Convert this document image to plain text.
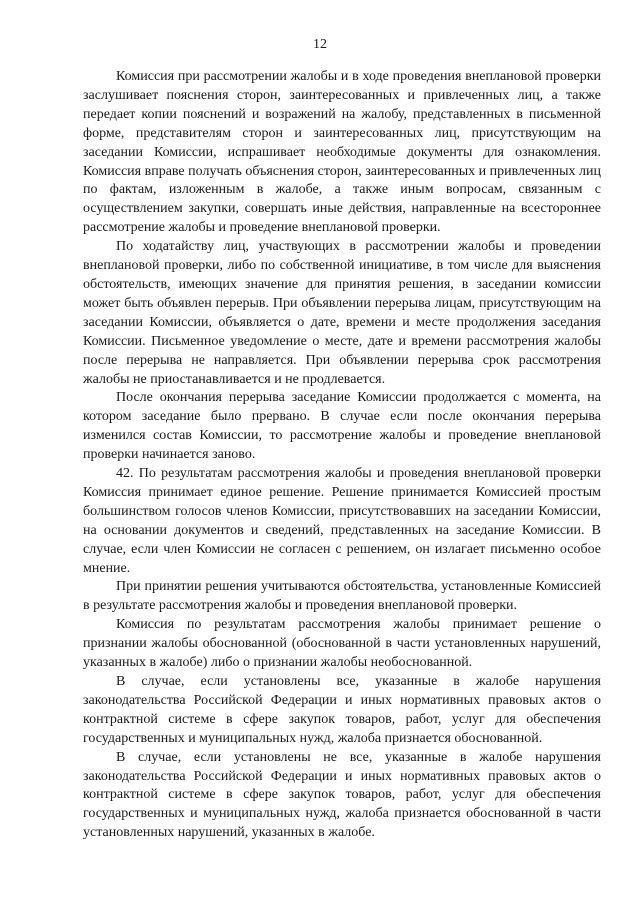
12

Комиссия при рассмотрении жалобы и в ходе проведения внеплановой проверки заслушивает пояснения сторон, заинтересованных и привлеченных лиц, а также передает копии пояснений и возражений на жалобу, представленных в письменной форме, представителям сторон и заинтересованных лиц, присутствующим на заседании Комиссии, испрашивает необходимые документы для ознакомления. Комиссия вправе получать объяснения сторон, заинтересованных и привлеченных лиц по фактам, изложенным в жалобе, а также иным вопросам, связанным с осуществлением закупки, совершать иные действия, направленные на всестороннее рассмотрение жалобы и проведение внеплановой проверки.

По ходатайству лиц, участвующих в рассмотрении жалобы и проведении внеплановой проверки, либо по собственной инициативе, в том числе для выяснения обстоятельств, имеющих значение для принятия решения, в заседании комиссии может быть объявлен перерыв. При объявлении перерыва лицам, присутствующим на заседании Комиссии, объявляется о дате, времени и месте продолжения заседания Комиссии. Письменное уведомление о месте, дате и времени рассмотрения жалобы после перерыва не направляется. При объявлении перерыва срок рассмотрения жалобы не приостанавливается и не продлевается.

После окончания перерыва заседание Комиссии продолжается с момента, на котором заседание было прервано. В случае если после окончания перерыва изменился состав Комиссии, то рассмотрение жалобы и проведение внеплановой проверки начинается заново.

42. По результатам рассмотрения жалобы и проведения внеплановой проверки Комиссия принимает единое решение. Решение принимается Комиссией простым большинством голосов членов Комиссии, присутствовавших на заседании Комиссии, на основании документов и сведений, представленных на заседание Комиссии. В случае, если член Комиссии не согласен с решением, он излагает письменно особое мнение.

При принятии решения учитываются обстоятельства, установленные Комиссией в результате рассмотрения жалобы и проведения внеплановой проверки.

Комиссия по результатам рассмотрения жалобы принимает решение о признании жалобы обоснованной (обоснованной в части установленных нарушений, указанных в жалобе) либо о признании жалобы необоснованной.

В случае, если установлены все, указанные в жалобе нарушения законодательства Российской Федерации и иных нормативных правовых актов о контрактной системе в сфере закупок товаров, работ, услуг для обеспечения государственных и муниципальных нужд, жалоба признается обоснованной.

В случае, если установлены не все, указанные в жалобе нарушения законодательства Российской Федерации и иных нормативных правовых актов о контрактной системе в сфере закупок товаров, работ, услуг для обеспечения государственных и муниципальных нужд, жалоба признается обоснованной в части установленных нарушений, указанных в жалобе.
